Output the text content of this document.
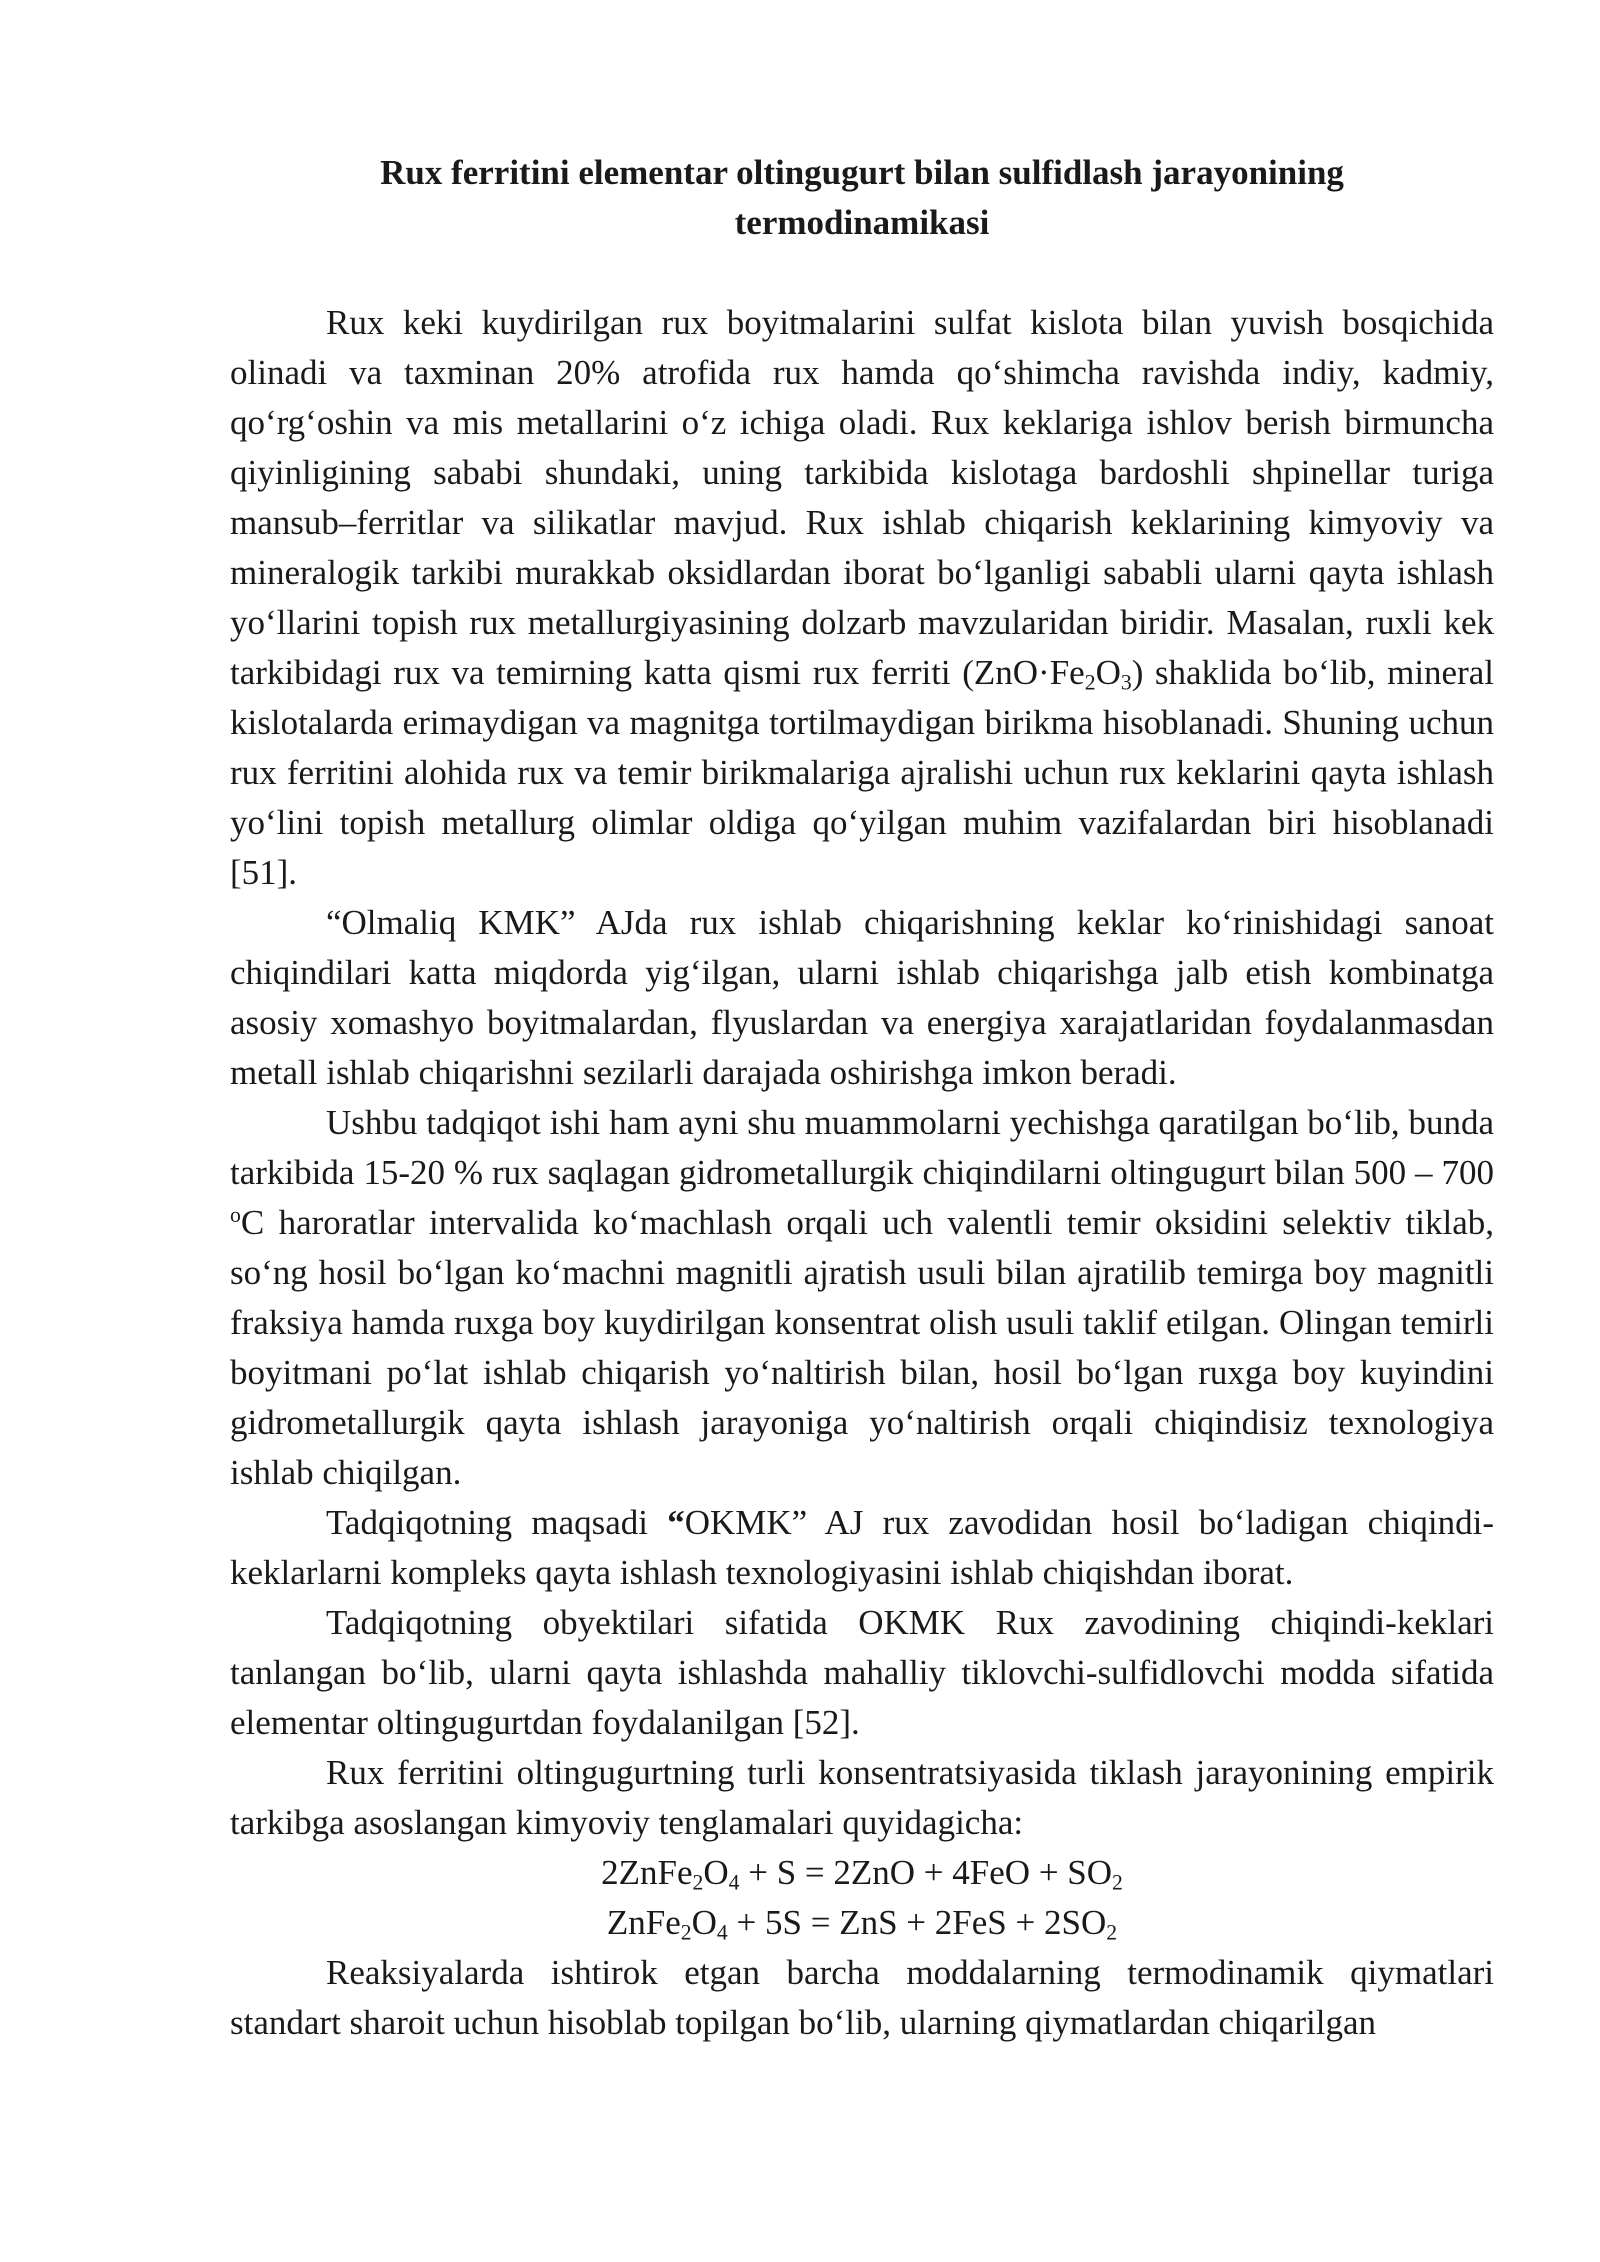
Rux ferritini elementar oltingugurt bilan sulfidlash jarayonining
termodinamikasi

Rux keki kuydirilgan rux boyitmalarini sulfat kislota bilan yuvish bosqichida olinadi va taxminan 20% atrofida rux hamda qo‘shimcha ravishda indiy, kadmiy, qo‘rg‘oshin va mis metallarini o‘z ichiga oladi. Rux keklariga ishlov berish birmuncha qiyinligining sababi shundaki, uning tarkibida kislotaga bardoshli shpinellar turiga mansub–ferritlar va silikatlar mavjud. Rux ishlab chiqarish keklarining kimyoviy va mineralogik tarkibi murakkab oksidlardan iborat bo‘lganligi sababli ularni qayta ishlash yo‘llarini topish rux metallurgiyasining dolzarb mavzularidan biridir. Masalan, ruxli kek tarkibidagi rux va temirning katta qismi rux ferriti $(ZnO\cdot Fe_2O_3)$ shaklida bo‘lib, mineral kislotalarda erimaydigan va magnitga tortilmaydigan birikma hisoblanadi. Shuning uchun rux ferritini alohida rux va temir birikmalariga ajralishi uchun rux keklarini qayta ishlash yo‘lini topish metallurg olimlar oldiga qo‘yilgan muhim vazifalardan biri hisoblanadi [51].

“Olmaliq KMK” AJda rux ishlab chiqarishning keklar ko‘rinishidagi sanoat chiqindilari katta miqdorda yig‘ilgan, ularni ishlab chiqarishga jalb etish kombinatga asosiy xomashyo boyitmalardan, flyuslardan va energiya xarajatlaridan foydalanmasdan metall ishlab chiqarishni sezilarli darajada oshirishga imkon beradi.

Ushbu tadqiqot ishi ham ayni shu muammolarni yechishga qaratilgan bo‘lib, bunda tarkibida 15-20 % rux saqlagan gidrometallurgik chiqindilarni oltingugurt bilan 500 – 700 $^o$C haroratlar intervalida ko‘machlash orqali uch valentli temir oksidini selektiv tiklab, so‘ng hosil bo‘lgan ko‘machni magnitli ajratish usuli bilan ajratilib temirga boy magnitli fraksiya hamda ruxga boy kuydirilgan konsentrat olish usuli taklif etilgan. Olingan temirli boyitmani po‘lat ishlab chiqarish yo‘naltirish bilan, hosil bo‘lgan ruxga boy kuyindini gidrometallurgik qayta ishlash jarayoniga yo‘naltirish orqali chiqindisiz texnologiya ishlab chiqilgan.

Tadqiqotning maqsadi “OKMK” AJ rux zavodidan hosil bo‘ladigan chiqindi-keklarlarni kompleks qayta ishlash texnologiyasini ishlab chiqishdan iborat.

Tadqiqotning obyektilari sifatida OKMK Rux zavodining chiqindi-keklari tanlangan bo‘lib, ularni qayta ishlashda mahalliy tiklovchi-sulfidlovchi modda sifatida elementar oltingugurtdan foydalanilgan [52].

Rux ferritini oltingugurtning turli konsentratsiyasida tiklash jarayonining empirik tarkibga asoslangan kimyoviy tenglamalari quyidagicha:

$2ZnFe_2O_4 + S = 2ZnO + 4FeO + SO_2$

$ZnFe_2O_4 + 5S$ = ZnS + $2FeS + 2SO_2$

Reaksiyalarda ishtirok etgan barcha moddalarning termodinamik qiymatlari standart sharoit uchun hisoblab topilgan bo‘lib, ularning qiymatlardan chiqarilgan
